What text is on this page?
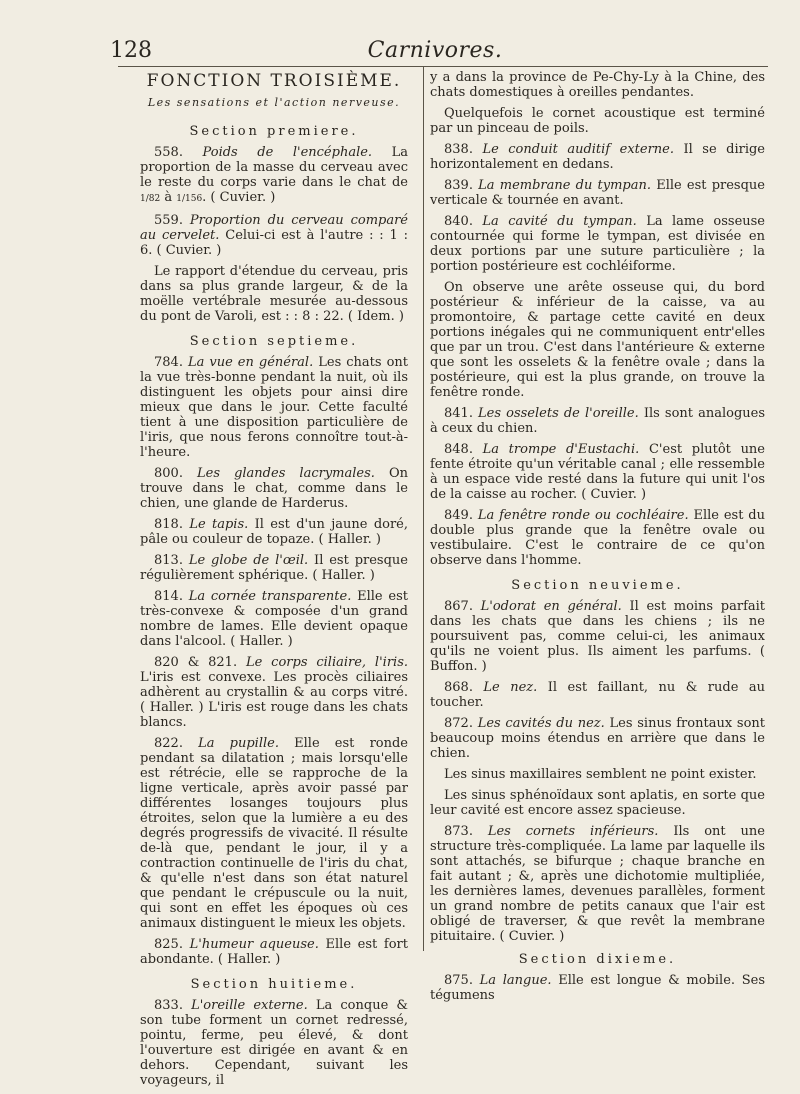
128	Carnivores.
FONCTION TROISIÈME.
Les sensations et l'action nerveuse.
Section premiere.

558. Poids de l'encéphale. La proportion de la masse du cerveau avec le reste du corps varie dans le chat de 1/82 à 1/156. ( Cuvier. )

559. Proportion du cerveau comparé au cervelet. Celui-ci est à l'autre : : 1 : 6. ( Cuvier. )

Le rapport d'étendue du cerveau, pris dans sa plus grande largeur, & de la moëlle vertébrale mesurée au-dessous du pont de Varoli, est : : 8 : 22. ( Idem. )

Section septieme.

784. La vue en général. Les chats ont la vue très-bonne pendant la nuit, où ils distinguent les objets pour ainsi dire mieux que dans le jour. Cette faculté tient à une disposition particulière de l'iris, que nous ferons connoître tout-à-l'heure.

800. Les glandes lacrymales. On trouve dans le chat, comme dans le chien, une glande de Harderus.

818. Le tapis. Il est d'un jaune doré, pâle ou couleur de topaze. ( Haller. )

813. Le globe de l'œil. Il est presque régulièrement sphérique. ( Haller. )

814. La cornée transparente. Elle est très-convexe & composée d'un grand nombre de lames. Elle devient opaque dans l'alcool. ( Haller. )

820 & 821. Le corps ciliaire, l'iris. L'iris est convexe. Les procès ciliaires adhèrent au crystallin & au corps vitré. ( Haller. ) L'iris est rouge dans les chats blancs.

822. La pupille. Elle est ronde pendant sa dilatation ; mais lorsqu'elle est rétrécie, elle se rapproche de la ligne verticale, après avoir passé par différentes losanges toujours plus étroites, selon que la lumière a eu des degrés progressifs de vivacité. Il résulte de-là que, pendant le jour, il y a contraction continuelle de l'iris du chat, & qu'elle n'est dans son état naturel que pendant le crépuscule ou la nuit, qui sont en effet les époques où ces animaux distinguent le mieux les objets.

825. L'humeur aqueuse. Elle est fort abondante. ( Haller. )

Section huitieme.

833. L'oreille externe. La conque & son tube forment un cornet redressé, pointu, ferme, peu élevé, & dont l'ouverture est dirigée en avant & en dehors. Cependant, suivant les voyageurs, il

y a dans la province de Pe-Chy-Ly à la Chine, des chats domestiques à oreilles pendantes.

Quelquefois le cornet acoustique est terminé par un pinceau de poils.

838. Le conduit auditif externe. Il se dirige horizontalement en dedans.

839. La membrane du tympan. Elle est presque verticale & tournée en avant.

840. La cavité du tympan. La lame osseuse contournée qui forme le tympan, est divisée en deux portions par une suture particulière ; la portion postérieure est cochléiforme.

On observe une arête osseuse qui, du bord postérieur & inférieur de la caisse, va au promontoire, & partage cette cavité en deux portions inégales qui ne communiquent entr'elles que par un trou. C'est dans l'antérieure & externe que sont les osselets & la fenêtre ovale ; dans la postérieure, qui est la plus grande, on trouve la fenêtre ronde.

841. Les osselets de l'oreille. Ils sont analogues à ceux du chien.

848. La trompe d'Eustachi. C'est plutôt une fente étroite qu'un véritable canal ; elle ressemble à un espace vide resté dans la future qui unit l'os de la caisse au rocher. ( Cuvier. )

849. La fenêtre ronde ou cochléaire. Elle est du double plus grande que la fenêtre ovale ou vestibulaire. C'est le contraire de ce qu'on observe dans l'homme.

Section neuvieme.

867. L'odorat en général. Il est moins parfait dans les chats que dans les chiens ; ils ne poursuivent pas, comme celui-ci, les animaux qu'ils ne voient plus. Ils aiment les parfums. ( Buffon. )

868. Le nez. Il est faillant, nu & rude au toucher.

872. Les cavités du nez. Les sinus frontaux sont beaucoup moins étendus en arrière que dans le chien.

Les sinus maxillaires semblent ne point exister.

Les sinus sphénoïdaux sont aplatis, en sorte que leur cavité est encore assez spacieuse.

873. Les cornets inférieurs. Ils ont une structure très-compliquée. La lame par laquelle ils sont attachés, se bifurque ; chaque branche en fait autant ; &, après une dichotomie multipliée, les dernières lames, devenues parallèles, forment un grand nombre de petits canaux que l'air est obligé de traverser, & que revêt la membrane pituitaire. ( Cuvier. )

Section dixieme.

875. La langue. Elle est longue & mobile. Ses tégumens
